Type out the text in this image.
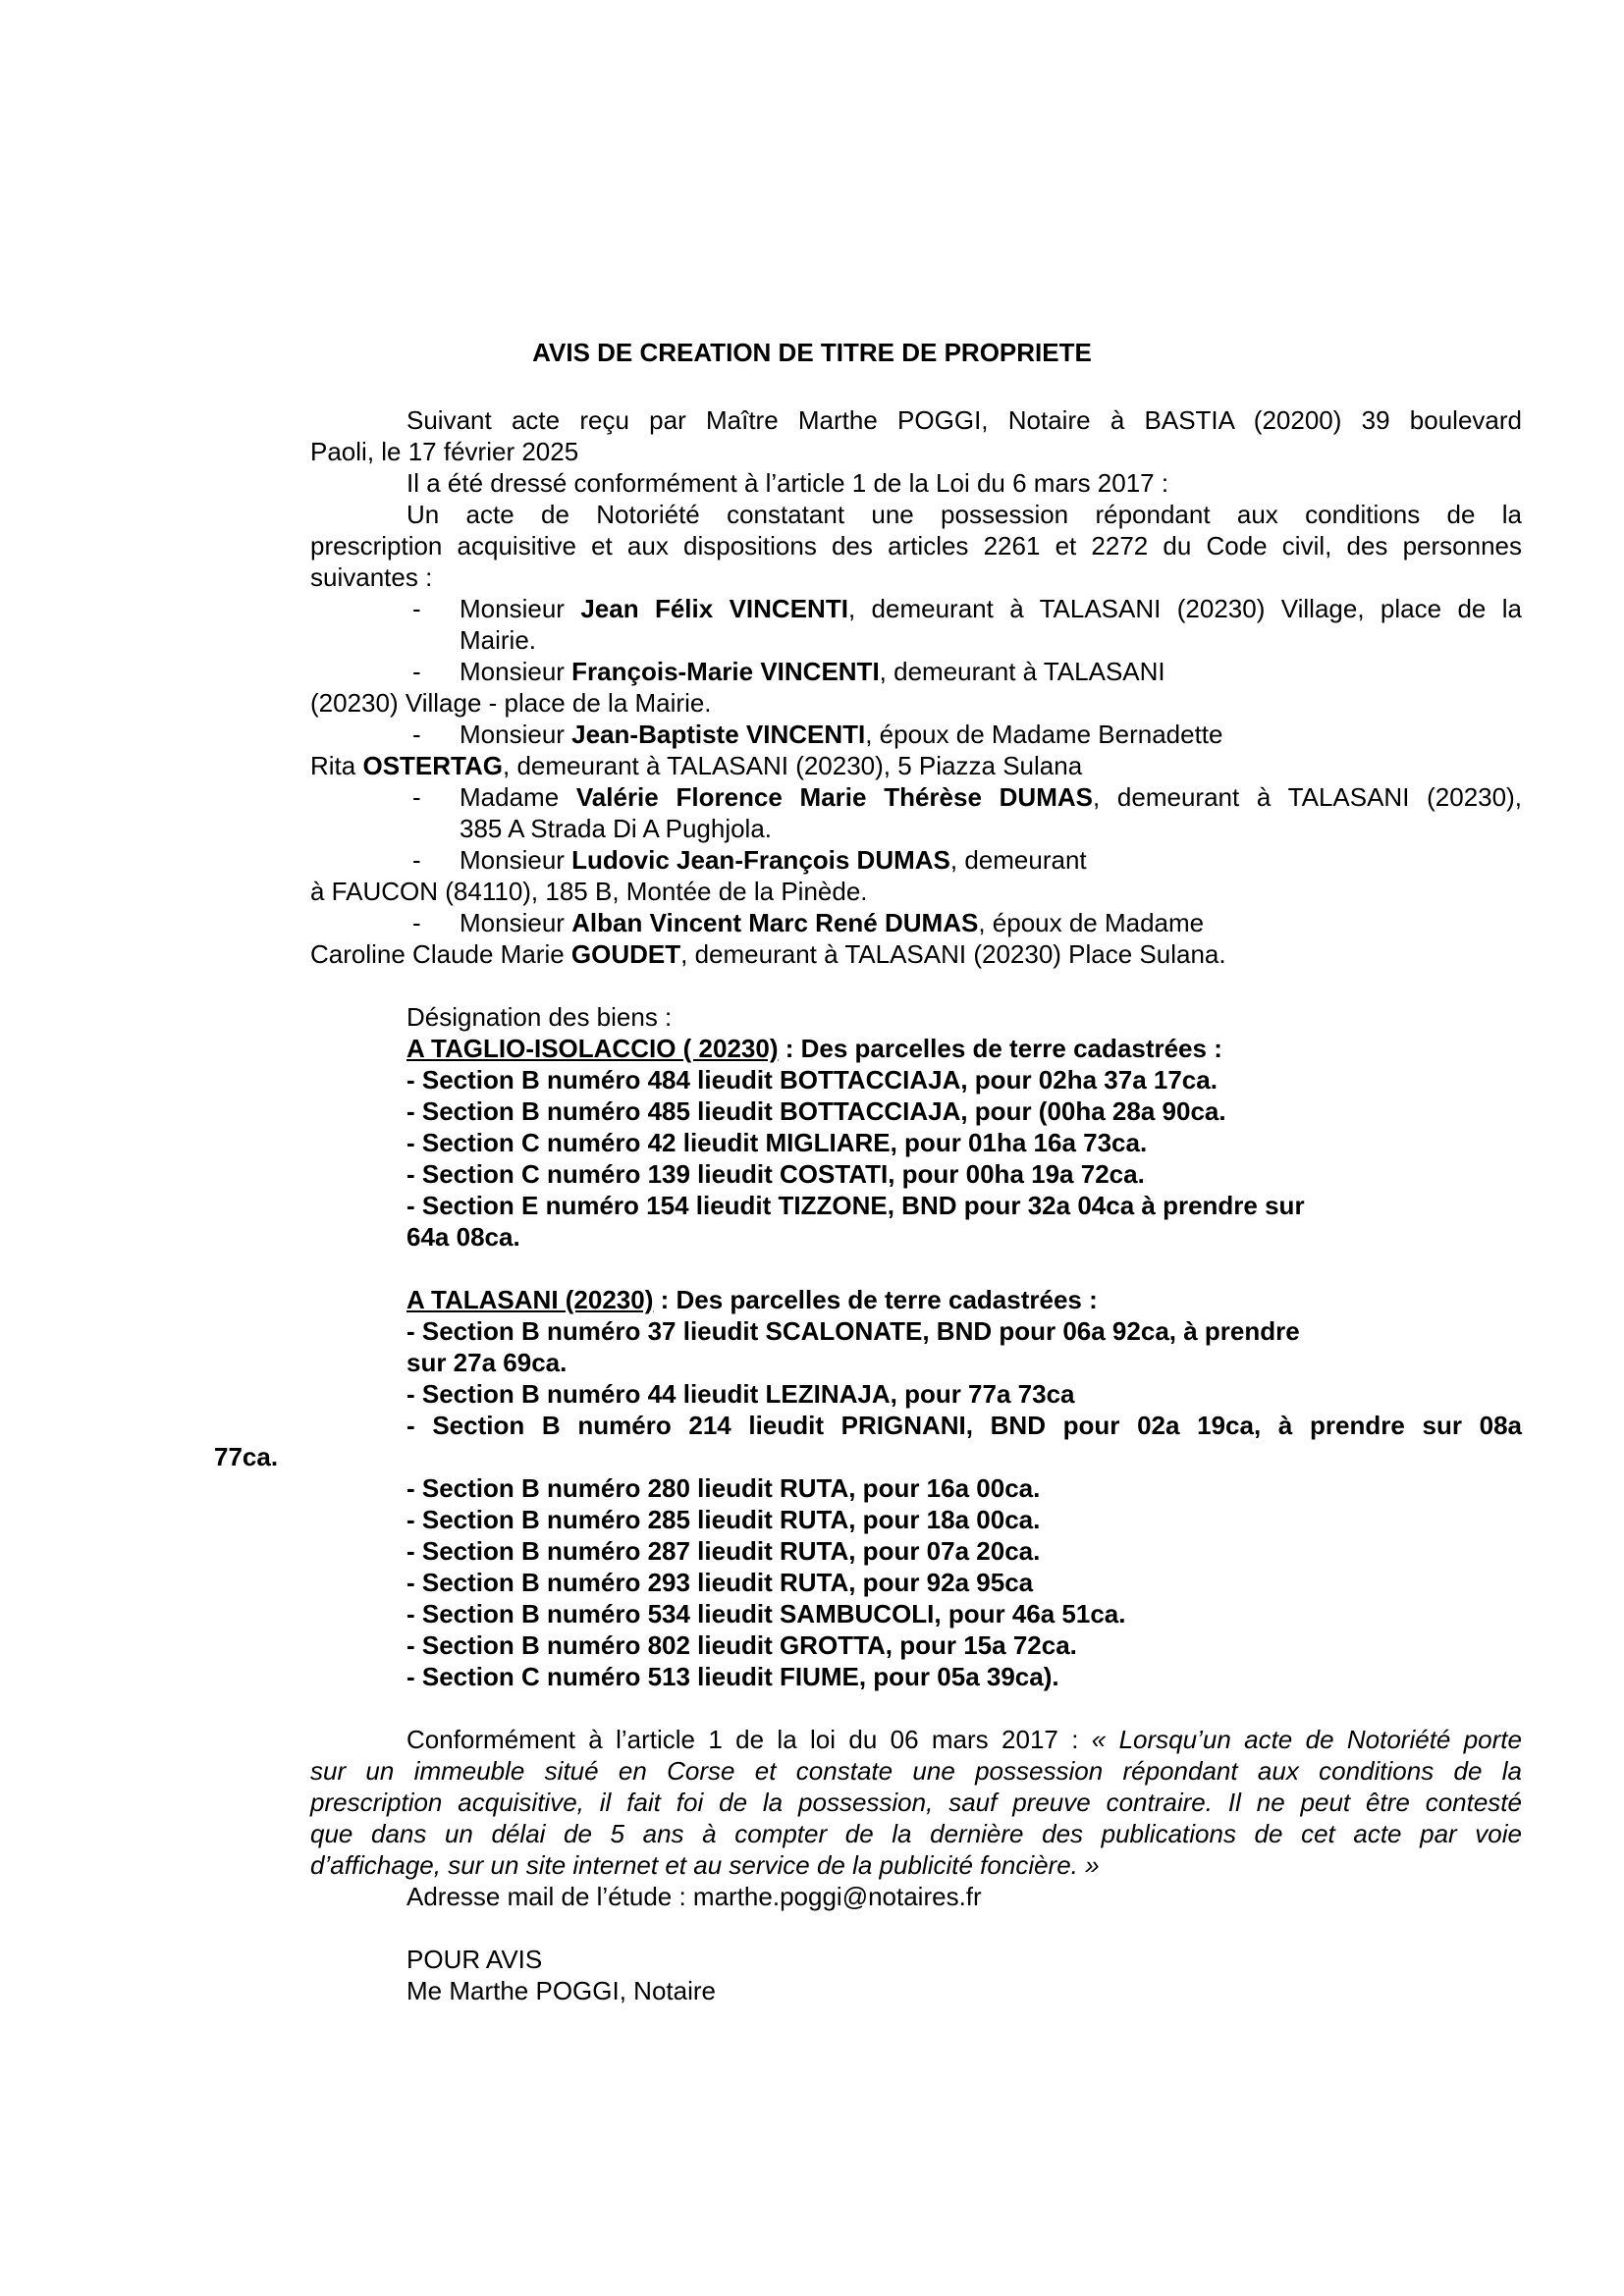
AVIS DE CREATION DE TITRE DE PROPRIETE

Suivant acte reçu par Maître Marthe POGGI, Notaire à BASTIA (20200) 39 boulevard

Paoli, le 17 février 2025

Il a été dressé conformément à l’article 1 de la Loi du 6 mars 2017 :

Un acte de Notoriété constatant une possession répondant aux conditions de la

prescription acquisitive et aux dispositions des articles 2261 et 2272 du Code civil, des personnes

suivantes :

- Monsieur Jean Félix VINCENTI, demeurant à TALASANI (20230) Village, place de la

Mairie.

- Monsieur François-Marie VINCENTI, demeurant à TALASANI

(20230) Village - place de la Mairie.

- Monsieur Jean-Baptiste VINCENTI, époux de Madame Bernadette

Rita OSTERTAG, demeurant à TALASANI (20230), 5 Piazza Sulana

- Madame Valérie Florence Marie Thérèse DUMAS, demeurant à TALASANI (20230),

385 A Strada Di A Pughjola.

- Monsieur Ludovic Jean-François DUMAS, demeurant

à FAUCON (84110), 185 B, Montée de la Pinède.

- Monsieur Alban Vincent Marc René DUMAS, époux de Madame

Caroline Claude Marie GOUDET, demeurant à TALASANI (20230) Place Sulana.

Désignation des biens :

A TAGLIO-ISOLACCIO ( 20230) : Des parcelles de terre cadastrées :

- Section B numéro 484 lieudit BOTTACCIAJA, pour 02ha 37a 17ca.

- Section B numéro 485 lieudit BOTTACCIAJA, pour (00ha 28a 90ca.

- Section C numéro 42 lieudit MIGLIARE, pour 01ha 16a 73ca.

- Section C numéro 139 lieudit COSTATI, pour 00ha 19a 72ca.

- Section E numéro 154 lieudit TIZZONE, BND pour 32a 04ca à prendre sur

64a 08ca.

A TALASANI (20230) : Des parcelles de terre cadastrées :

- Section B numéro 37 lieudit SCALONATE, BND pour 06a 92ca, à prendre

sur 27a 69ca.

- Section B numéro 44 lieudit LEZINAJA, pour 77a 73ca

- Section B numéro 214 lieudit PRIGNANI, BND pour 02a 19ca, à prendre sur 08a

77ca.

- Section B numéro 280 lieudit RUTA, pour 16a 00ca.

- Section B numéro 285 lieudit RUTA, pour 18a 00ca.

- Section B numéro 287 lieudit RUTA, pour 07a 20ca.

- Section B numéro 293 lieudit RUTA, pour 92a 95ca

- Section B numéro 534 lieudit SAMBUCOLI, pour 46a 51ca.

- Section B numéro 802 lieudit GROTTA, pour 15a 72ca.

- Section C numéro 513 lieudit FIUME, pour 05a 39ca).

Conformément à l’article 1 de la loi du 06 mars 2017 : « Lorsqu’un acte de Notoriété porte

sur un immeuble situé en Corse et constate une possession répondant aux conditions de la

prescription acquisitive, il fait foi de la possession, sauf preuve contraire. Il ne peut être contesté

que dans un délai de 5 ans à compter de la dernière des publications de cet acte par voie

d’affichage, sur un site internet et au service de la publicité foncière. »

Adresse mail de l’étude : marthe.poggi@notaires.fr

POUR AVIS

Me Marthe POGGI, Notaire
